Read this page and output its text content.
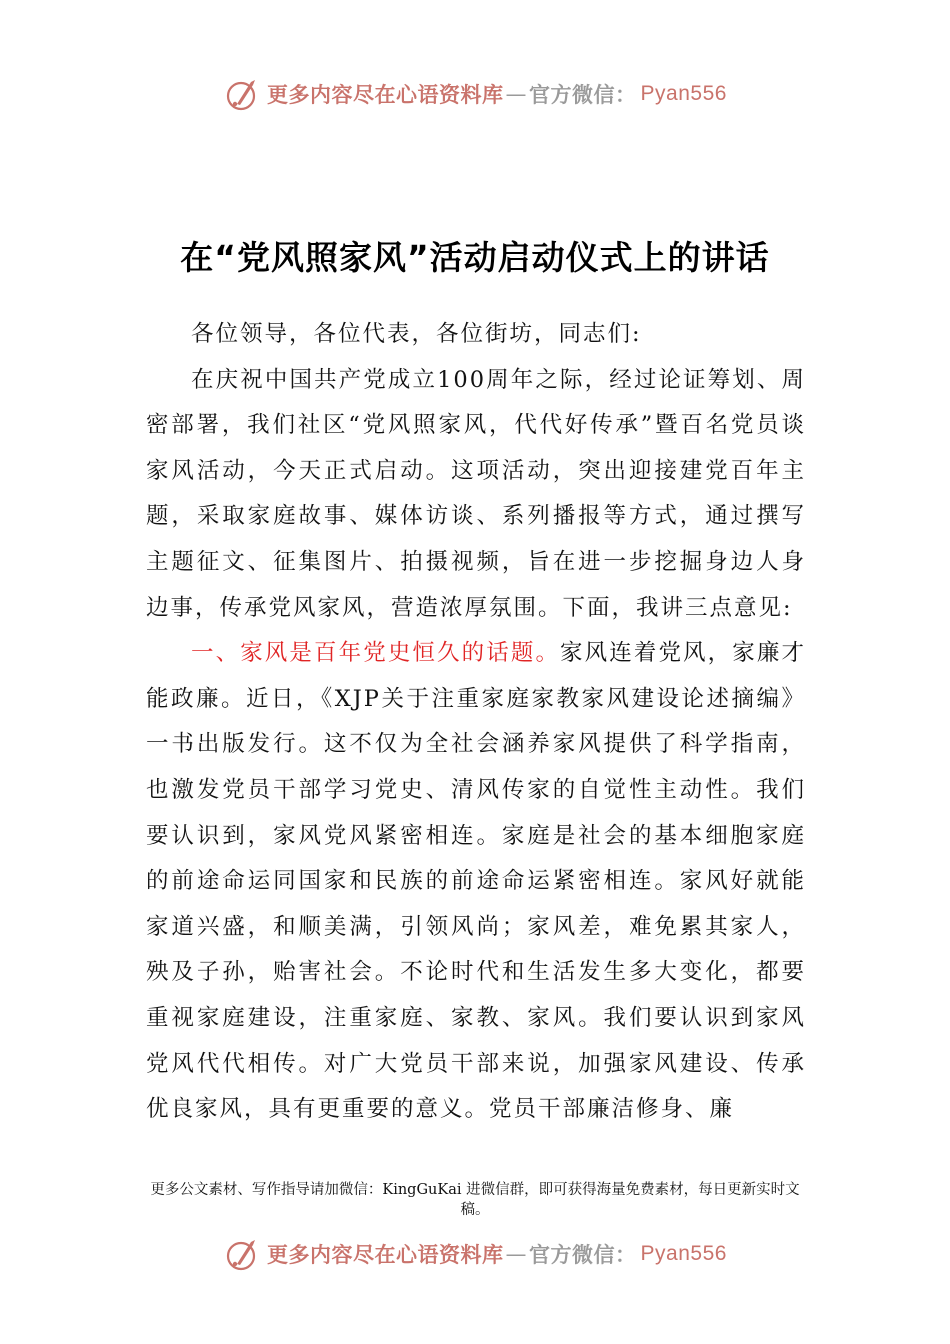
更多内容尽在心语资料库 — 官方微信 ： Pyan556
在“党风照家风”活动启动仪式上的讲话

各位领导，各位代表，各位街坊，同志们:

在庆祝中国共产党成立100周年之际，经过论证筹划、周密部署，我们社区“党风照家风，代代好传承”暨百名党员谈家风活动，今天正式启动。这项活动，突出迎接建党百年主题，采取家庭故事、媒体访谈、系列播报等方式，通过撰写主题征文、征集图片、拍摄视频，旨在进一步挖掘身边人身边事，传承党风家风，营造浓厚氛围。下面，我讲三点意见:

一、家风是百年党史恒久的话题。家风连着党风，家廉才能政廉。近日，《XJP关于注重家庭家教家风建设论述摘编》一书出版发行。这不仅为全社会涵养家风提供了科学指南，也激发党员干部学习党史、清风传家的自觉性主动性。我们要认识到，家风党风紧密相连。家庭是社会的基本细胞家庭的前途命运同国家和民族的前途命运紧密相连。家风好就能家道兴盛，和顺美满，引领风尚；家风差，难免累其家人，殃及子孙，贻害社会。不论时代和生活发生多大变化，都要重视家庭建设，注重家庭、家教、家风。我们要认识到家风党风代代相传。对广大党员干部来说，加强家风建设、传承优良家风，具有更重要的意义。党员干部廉洁修身、廉

更多公文素材、写作指导请加微信：KingGuKai 进微信群，即可获得海量免费素材，每日更新实时文稿。
更多内容尽在心语资料库 — 官方微信 ： Pyan556
